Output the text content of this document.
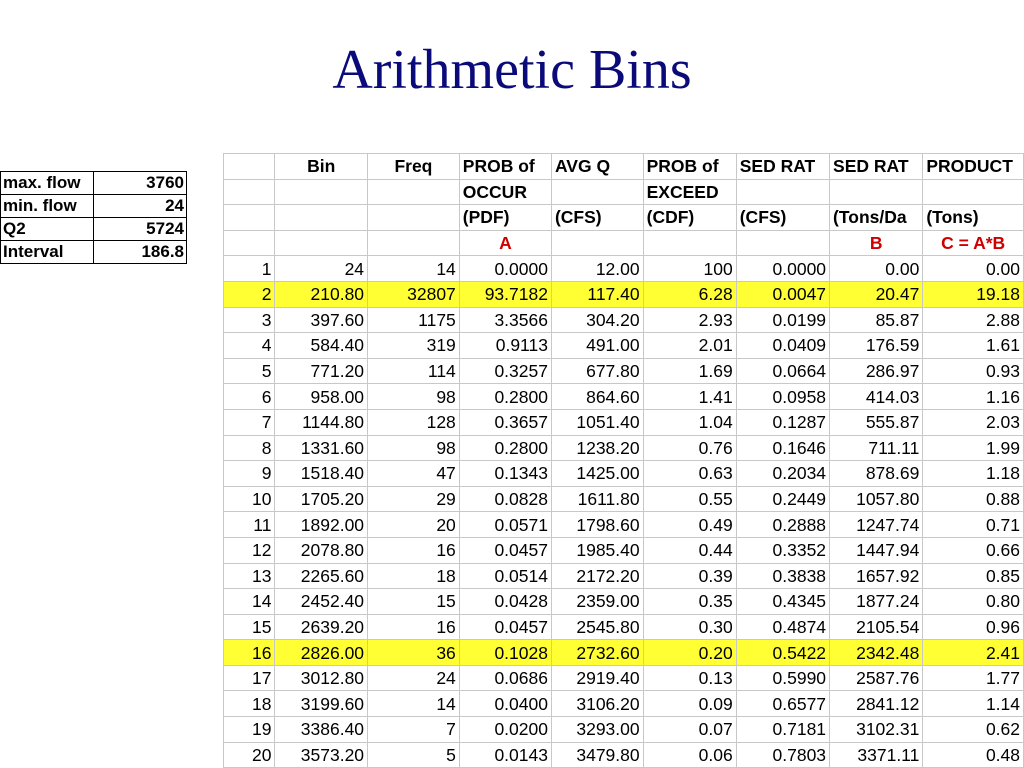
Arithmetic Bins
max. flow	3760
min. flow	24
Q2	5724
Interval	186.8
	Bin	Freq	PROB of	AVG Q	PROB of	SED RAT	SED RAT	PRODUCT
			OCCUR		EXCEED			
			(PDF)	(CFS)	(CDF)	(CFS)	(Tons/Da	(Tons)
			A				B	C = A*B
1	24	14	0.0000	12.00	100	0.0000	0.00	0.00
2	210.80	32807	93.7182	117.40	6.28	0.0047	20.47	19.18
3	397.60	1175	3.3566	304.20	2.93	0.0199	85.87	2.88
4	584.40	319	0.9113	491.00	2.01	0.0409	176.59	1.61
5	771.20	114	0.3257	677.80	1.69	0.0664	286.97	0.93
6	958.00	98	0.2800	864.60	1.41	0.0958	414.03	1.16
7	1144.80	128	0.3657	1051.40	1.04	0.1287	555.87	2.03
8	1331.60	98	0.2800	1238.20	0.76	0.1646	711.11	1.99
9	1518.40	47	0.1343	1425.00	0.63	0.2034	878.69	1.18
10	1705.20	29	0.0828	1611.80	0.55	0.2449	1057.80	0.88
11	1892.00	20	0.0571	1798.60	0.49	0.2888	1247.74	0.71
12	2078.80	16	0.0457	1985.40	0.44	0.3352	1447.94	0.66
13	2265.60	18	0.0514	2172.20	0.39	0.3838	1657.92	0.85
14	2452.40	15	0.0428	2359.00	0.35	0.4345	1877.24	0.80
15	2639.20	16	0.0457	2545.80	0.30	0.4874	2105.54	0.96
16	2826.00	36	0.1028	2732.60	0.20	0.5422	2342.48	2.41
17	3012.80	24	0.0686	2919.40	0.13	0.5990	2587.76	1.77
18	3199.60	14	0.0400	3106.20	0.09	0.6577	2841.12	1.14
19	3386.40	7	0.0200	3293.00	0.07	0.7181	3102.31	0.62
20	3573.20	5	0.0143	3479.80	0.06	0.7803	3371.11	0.48
